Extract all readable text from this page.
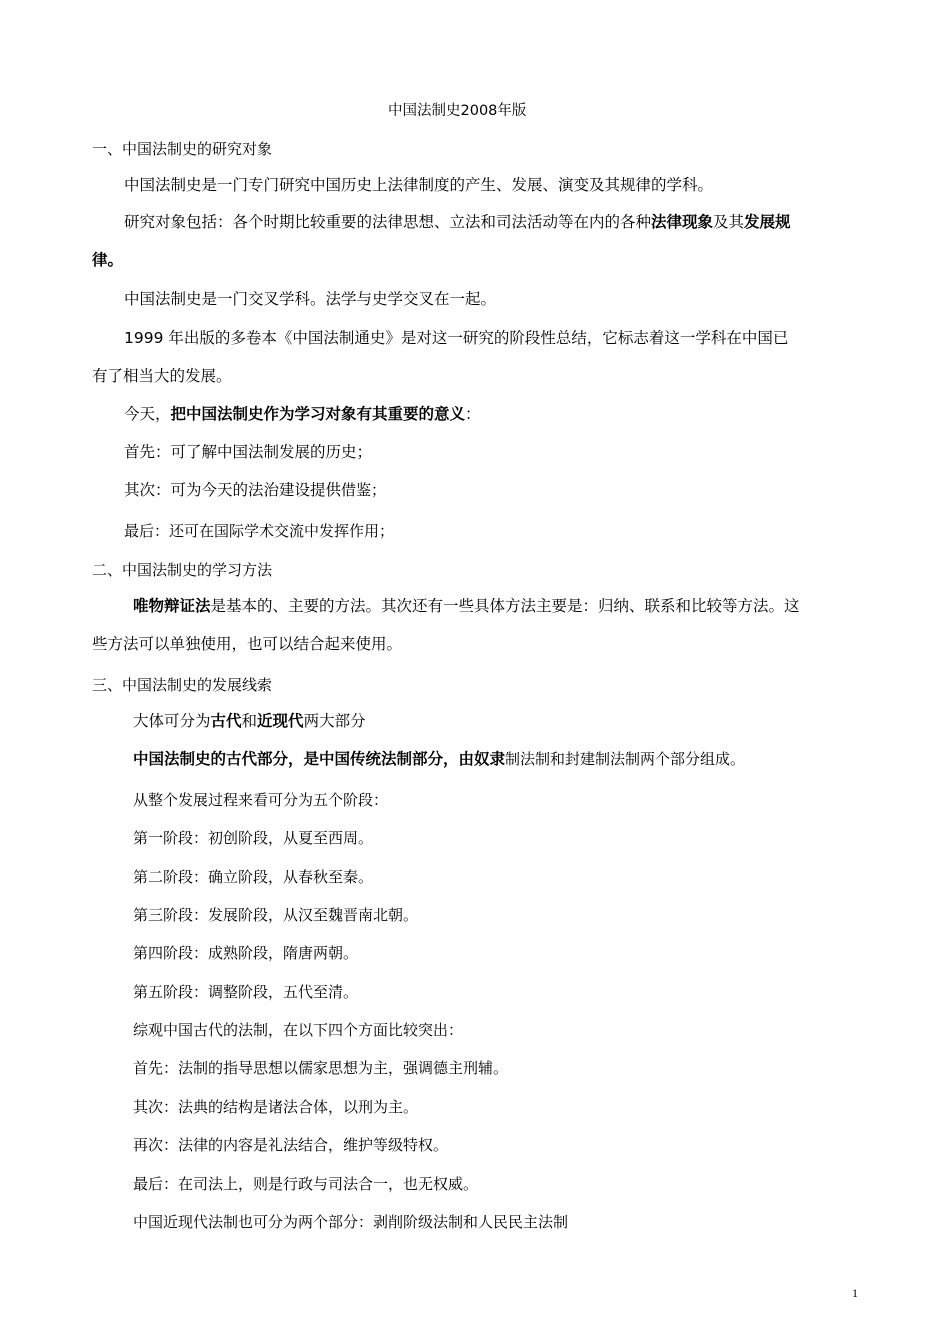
中国法制史2008年版
一、中国法制史的研究对象
中国法制史是一门专门研究中国历史上法律制度的产生、发展、演变及其规律的学科。
研究对象包括：各个时期比较重要的法律思想、立法和司法活动等在内的各种法律现象及其发展规
律。
中国法制史是一门交叉学科。法学与史学交叉在一起。
1999 年出版的多卷本《中国法制通史》是对这一研究的阶段性总结，它标志着这一学科在中国已
有了相当大的发展。
今天，把中国法制史作为学习对象有其重要的意义：
首先：可了解中国法制发展的历史；
其次：可为今天的法治建设提供借鉴；
最后：还可在国际学术交流中发挥作用；
二、中国法制史的学习方法
唯物辩证法是基本的、主要的方法。其次还有一些具体方法主要是：归纳、联系和比较等方法。这
些方法可以单独使用，也可以结合起来使用。
三、中国法制史的发展线索
大体可分为古代和近现代两大部分
中国法制史的古代部分，是中国传统法制部分，由奴隶制法制和封建制法制两个部分组成。
从整个发展过程来看可分为五个阶段：
第一阶段：初创阶段，从夏至西周。
第二阶段：确立阶段，从春秋至秦。
第三阶段：发展阶段，从汉至魏晋南北朝。
第四阶段：成熟阶段，隋唐两朝。
第五阶段：调整阶段，五代至清。
综观中国古代的法制，在以下四个方面比较突出：
首先：法制的指导思想以儒家思想为主，强调德主刑辅。
其次：法典的结构是诸法合体，以刑为主。
再次：法律的内容是礼法结合，维护等级特权。
最后：在司法上，则是行政与司法合一，也无权威。
中国近现代法制也可分为两个部分：剥削阶级法制和人民民主法制
1
